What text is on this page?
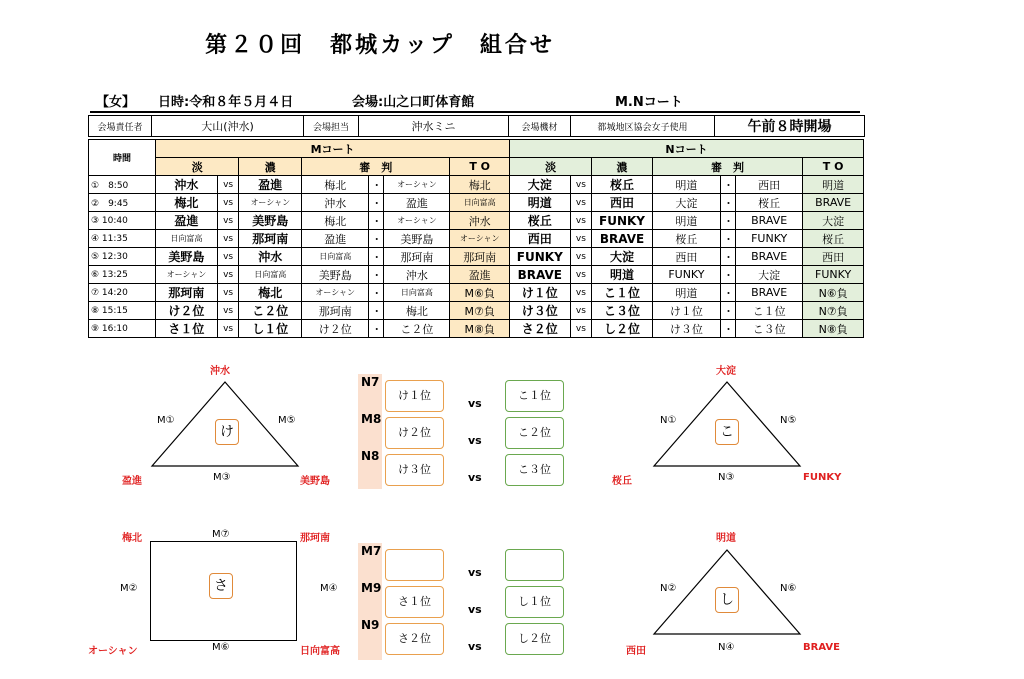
第２０回　都城カップ　組合せ
【女】 日時:令和８年５月４日	会場:山之口町体育館	M.Nコート
会場責任者	大山(沖水)	会場担当	沖水ミニ	会場機材	都城地区協会女子使用	午前８時開場
時間	Mコート							Nコート						
	淡		濃	審　判			T O	淡		濃	審　判			T O
①　8:50	沖水	vs	盈進	梅北	・	オーシャン	梅北	大淀	vs	桜丘	明道	・	西田	明道
②　9:45	梅北	vs	オーシャン	沖水	・	盈進	日向富高	明道	vs	西田	大淀	・	桜丘	BRAVE
③ 10:40	盈進	vs	美野島	梅北	・	オーシャン	沖水	桜丘	vs	FUNKY	明道	・	BRAVE	大淀
④ 11:35	日向富高	vs	那珂南	盈進	・	美野島	オーシャン	西田	vs	BRAVE	桜丘	・	FUNKY	桜丘
⑤ 12:30	美野島	vs	沖水	日向富高	・	那珂南	那珂南	FUNKY	vs	大淀	西田	・	BRAVE	西田
⑥ 13:25	オーシャン	vs	日向富高	美野島	・	沖水	盈進	BRAVE	vs	明道	FUNKY	・	大淀	FUNKY
⑦ 14:20	那珂南	vs	梅北	オーシャン	・	日向富高	M⑥負	け１位	vs	こ１位	明道	・	BRAVE	N⑥負
⑧ 15:15	け２位	vs	こ２位	那珂南	・	梅北	M⑦負	け３位	vs	こ３位	け１位	・	こ１位	N⑦負
⑨ 16:10	さ１位	vs	し１位	け２位	・	こ２位	M⑧負	さ２位	vs	し２位	け３位	・	こ３位	N⑧負
沖水
盈進	美野島
M①	M⑤
M③
け
大淀
桜丘	FUNKY
N①	N⑤
N③
こ
梅北	那珂南
オーシャン	日向富高
M⑦
M②	M④
M⑥
さ
明道
西田	BRAVE
N②	N⑥
N④
し
N7
け１位
vs
こ１位
M8
け２位
vs
こ２位
N8
け３位
vs
こ３位
M7
vs
M9
さ１位
vs
し１位
N9
さ２位
vs
し２位
